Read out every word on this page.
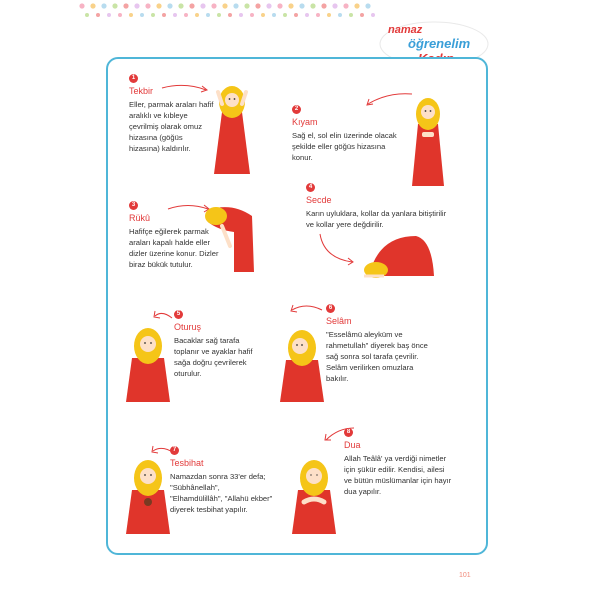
namaz
öğrenelim
1
Tekbir
Eller, parmak araları hafif aralıklı ve kıbleye çevrilmiş olarak omuz hizasına (göğüs hizasına) kaldırılır.
2
Kıyam
Sağ el, sol elin üzerinde olacak şekilde eller göğüs hizasına konur.
3
Rükû
Hafifçe eğilerek parmak araları kapalı halde eller dizler üzerine konur. Dizler biraz bükük tutulur.
4
Secde
Karın uyluklara, kollar da yanlara bitiştirilir ve kollar yere değdirilir.
5
Oturuş
Bacaklar sağ tarafa toplanır ve ayaklar hafif sağa doğru çevrilerek oturulur.
6
Selâm
"Esselâmü aleyküm ve rahmetullah" diyerek baş önce sağ sonra sol tarafa çevrilir. Selâm verilirken omuzlara bakılır.
7
Tesbihat
Namazdan sonra 33'er defa; "Sübhânellah", "Elhamdülillâh", "Allahü ekber" diyerek tesbihat yapılır.
8
Dua
Allah Teâlâ' ya verdiği nimetler için şükür edilir. Kendisi, ailesi ve bütün müslümanlar için hayır dua yapılır.
101
